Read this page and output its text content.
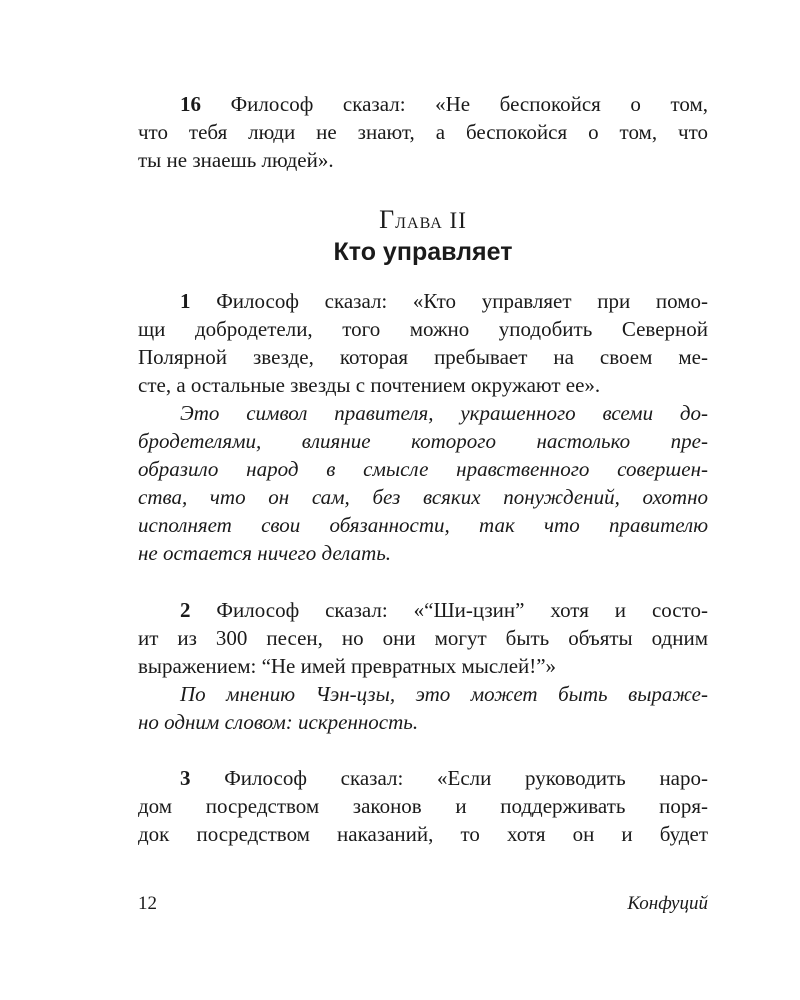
16 Философ сказал: «Не беспокойся о том,
что тебя люди не знают, а беспокойся о том, что
ты не знаешь людей».
Глава II
Кто управляет
1 Философ сказал: «Кто управляет при помо-
щи добродетели, того можно уподобить Северной
Полярной звезде, которая пребывает на своем ме-
сте, а остальные звезды с почтением окружают ее».
Это символ правителя, украшенного всеми до-
бродетелями, влияние которого настолько пре-
образило народ в смысле нравственного совершен-
ства, что он сам, без всяких понуждений, охотно
исполняет свои обязанности, так что правителю
не остается ничего делать.
2 Философ сказал: «“Ши-цзин” хотя и состо-
ит из 300 песен, но они могут быть объяты одним
выражением: “Не имей превратных мыслей!”»
По мнению Чэн-цзы, это может быть выраже-
но одним словом: искренность.
3 Философ сказал: «Если руководить наро-
дом посредством законов и поддерживать поря-
док посредством наказаний, то хотя он и будет
12	Конфуций
